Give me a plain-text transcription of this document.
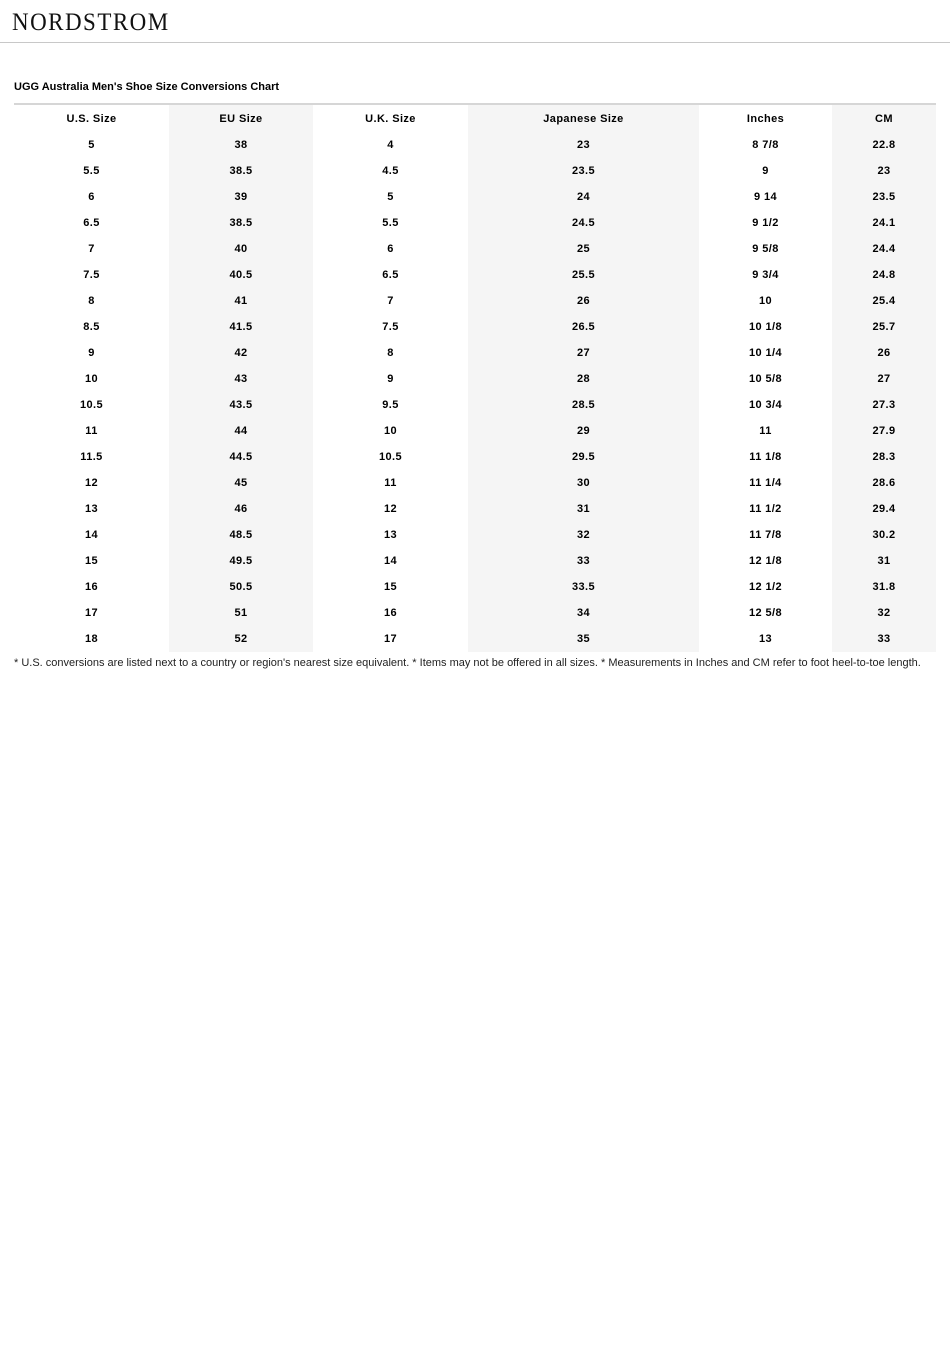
NORDSTROM
UGG Australia Men's Shoe Size Conversions Chart
U.S. Size	EU Size	U.K. Size	Japanese Size	Inches	CM
5	38	4	23	8 7/8	22.8
5.5	38.5	4.5	23.5	9	23
6	39	5	24	9 14	23.5
6.5	38.5	5.5	24.5	9 1/2	24.1
7	40	6	25	9 5/8	24.4
7.5	40.5	6.5	25.5	9 3/4	24.8
8	41	7	26	10	25.4
8.5	41.5	7.5	26.5	10 1/8	25.7
9	42	8	27	10 1/4	26
10	43	9	28	10 5/8	27
10.5	43.5	9.5	28.5	10 3/4	27.3
11	44	10	29	11	27.9
11.5	44.5	10.5	29.5	11 1/8	28.3
12	45	11	30	11 1/4	28.6
13	46	12	31	11 1/2	29.4
14	48.5	13	32	11 7/8	30.2
15	49.5	14	33	12 1/8	31
16	50.5	15	33.5	12 1/2	31.8
17	51	16	34	12 5/8	32
18	52	17	35	13	33
* U.S. conversions are listed next to a country or region's nearest size equivalent. * Items may not be offered in all sizes. * Measurements in Inches and CM refer to foot heel-to-toe length.
